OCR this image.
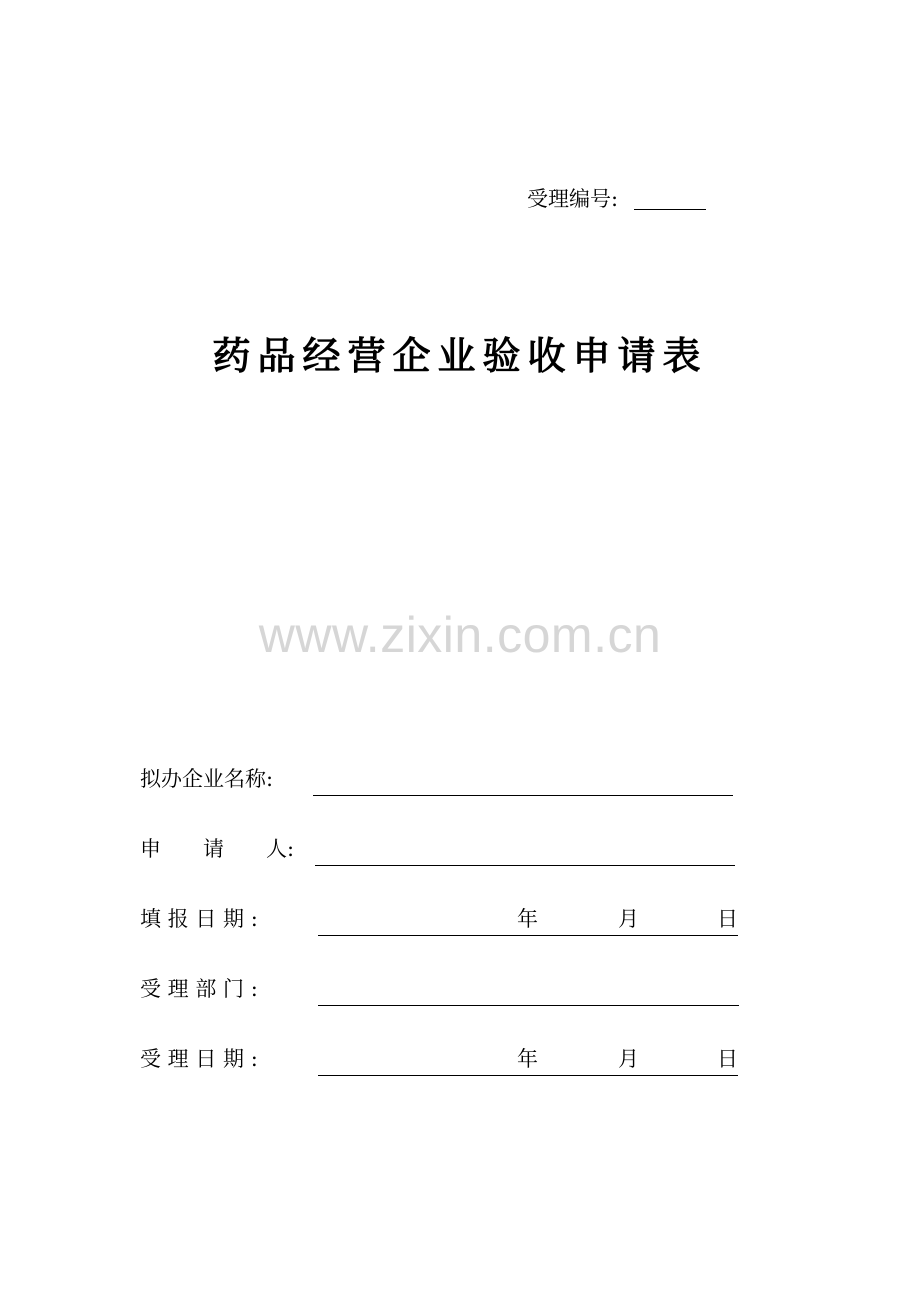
受理编号:
药品经营企业验收申请表
www.zixin.com.cn
拟办企业名称:
申　　请　　人:
填 报 日 期 :	年	月	日
受 理 部 门 :
受 理 日 期 :	年	月	日
